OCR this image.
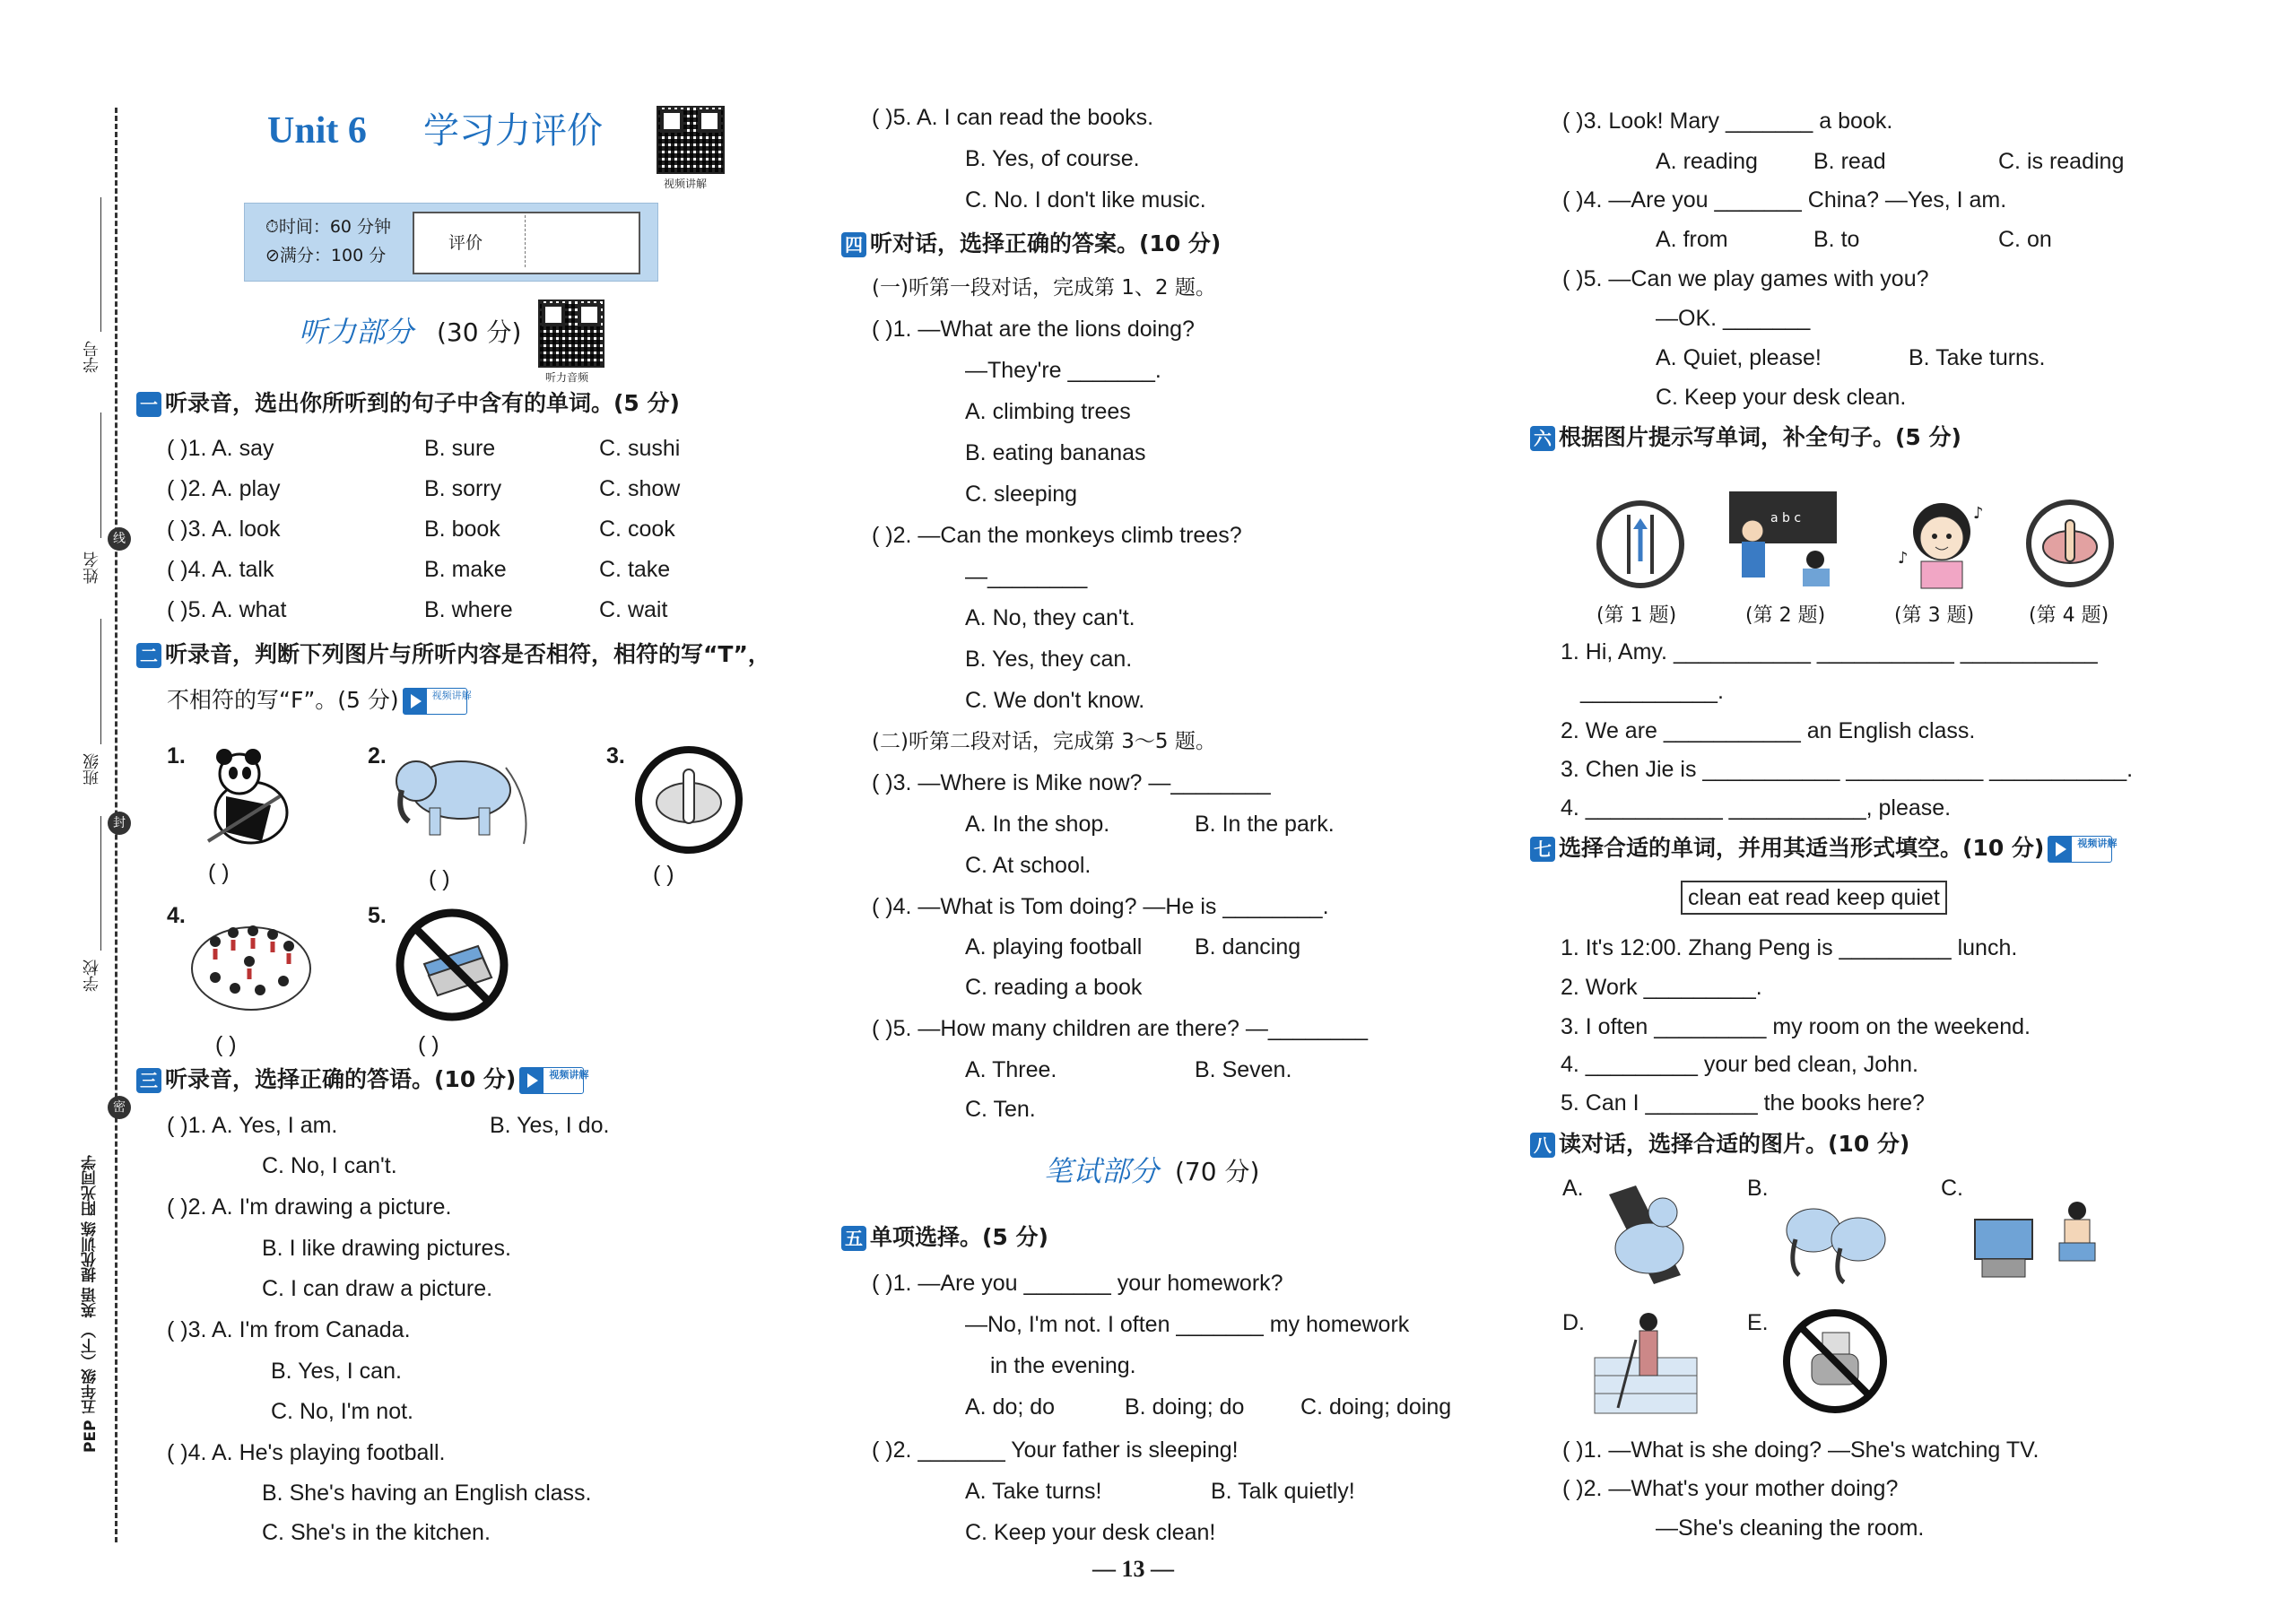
学号
姓名
班级
学校
线
封
密
PEP 五年级（下） 英语 提优训练 阳光同学
Unit 6 学习力评价
视频讲解
⏱时间：60 分钟
⊘满分：100 分
评价
听力部分 (30 分)
听力音频
一 听录音，选出你所听到的句子中含有的单词。(5 分)
( )1. A. say	B. sure	C. sushi
( )2. A. play	B. sorry	C. show
( )3. A. look	B. book	C. cook
( )4. A. talk	B. make	C. take
( )5. A. what	B. where	C. wait
二 听录音，判断下列图片与所听内容是否相符，相符的写“T”，
不相符的写“F”。(5 分)	视频讲解
1.
( )
2.
( )
3.
( )
4.
( )
5.
( )
三 听录音，选择正确的答语。(10 分)	视频讲解
( )1. A. Yes, I am.	B. Yes, I do.
C. No, I can't.
( )2. A. I'm drawing a picture.
B. I like drawing pictures.
C. I can draw a picture.
( )3. A. I'm from Canada.
B. Yes, I can.
C. No, I'm not.
( )4. A. He's playing football.
B. She's having an English class.
C. She's in the kitchen.
( )5. A. I can read the books.
B. Yes, of course.
C. No. I don't like music.
四 听对话，选择正确的答案。(10 分)
(一)听第一段对话，完成第 1、2 题。
( )1. —What are the lions doing?
—They're _______.
A. climbing trees
B. eating bananas
C. sleeping
( )2. —Can the monkeys climb trees?
—________
A. No, they can't.
B. Yes, they can.
C. We don't know.
(二)听第二段对话，完成第 3～5 题。
( )3. —Where is Mike now? —________
A. In the shop.	B. In the park.
C. At school.
( )4. —What is Tom doing? —He is ________.
A. playing football B. dancing
C. reading a book
( )5. —How many children are there? —________
A. Three.	B. Seven.
C. Ten.
笔试部分 (70 分)
五 单项选择。(5 分)
( )1. —Are you _______ your homework?
—No, I'm not. I often _______ my homework
in the evening.
A. do; do	B. doing; do	C. doing; doing
( )2. _______ Your father is sleeping!
A. Take turns!	B. Talk quietly!
C. Keep your desk clean!
— 13 —
( )3. Look! Mary _______ a book.
A. reading B. read	C. is reading
( )4. —Are you _______ China? —Yes, I am.
A. from	B. to	C. on
( )5. —Can we play games with you?
—OK. _______
A. Quiet, please!	B. Take turns.
C. Keep your desk clean.
六 根据图片提示写单词，补全句子。(5 分)
a b c	♪
♪
(第 1 题)	(第 2 题)	(第 3 题)	(第 4 题)
1. Hi, Amy. ___________ ___________ ___________
___________.
2. We are ___________ an English class.
3. Chen Jie is ___________ ___________ ___________.
4. ___________ ___________, please.
七 选择合适的单词，并用其适当形式填空。(10 分)	视频讲解
clean eat read keep quiet
1. It's 12:00. Zhang Peng is _________ lunch.
2. Work _________.
3. I often _________ my room on the weekend.
4. _________ your bed clean, John.
5. Can I _________ the books here?
八 读对话，选择合适的图片。(10 分)
A.	B.	C.
D.	E.
( )1. —What is she doing? —She's watching TV.
( )2. —What's your mother doing?
—She's cleaning the room.
